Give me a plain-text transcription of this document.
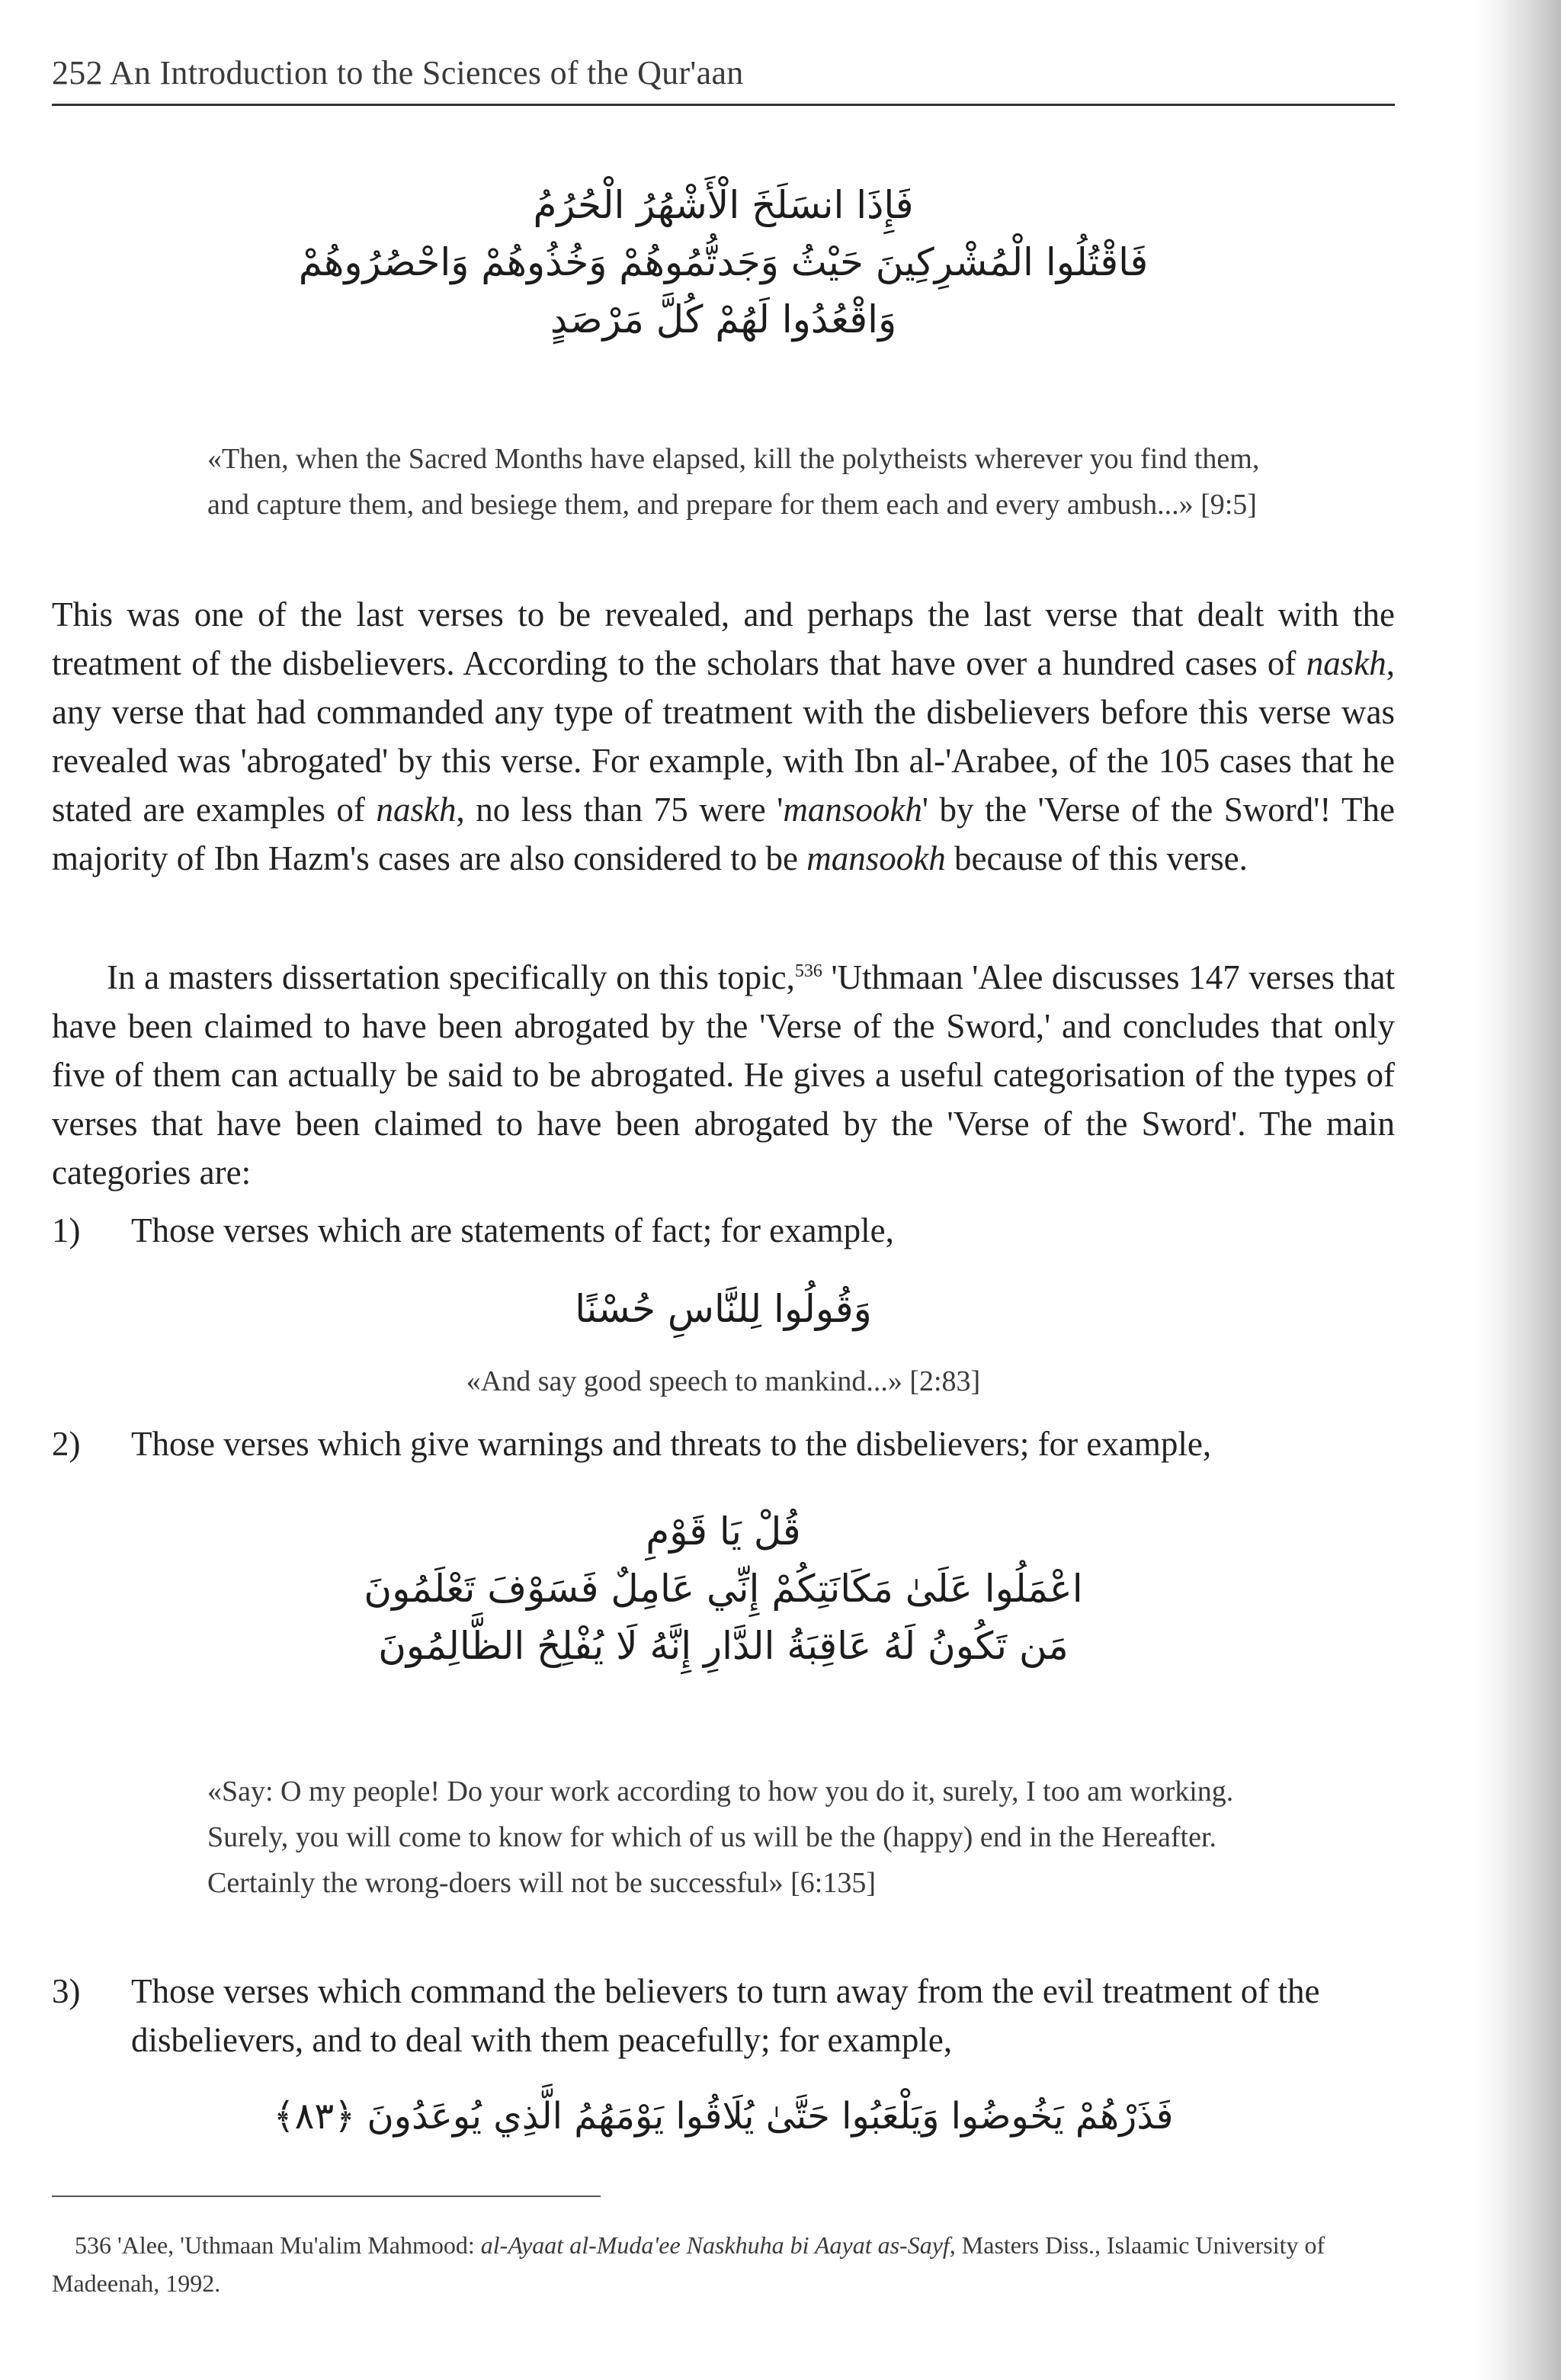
252 An Introduction to the Sciences of the Qur'aan
فَإِذَا انسَلَخَ الْأَشْهُرُ الْحُرُمُ
فَاقْتُلُوا الْمُشْرِكِينَ حَيْثُ وَجَدتُّمُوهُمْ وَخُذُوهُمْ وَاحْصُرُوهُمْ
وَاقْعُدُوا لَهُمْ كُلَّ مَرْصَدٍ
«Then, when the Sacred Months have elapsed, kill the polytheists wherever you find them, and capture them, and besiege them, and prepare for them each and every ambush...» [9:5]
This was one of the last verses to be revealed, and perhaps the last verse that dealt with the treatment of the disbelievers. According to the scholars that have over a hundred cases of naskh, any verse that had commanded any type of treatment with the disbelievers before this verse was revealed was 'abrogated' by this verse. For example, with Ibn al-'Arabee, of the 105 cases that he stated are examples of naskh, no less than 75 were 'mansookh' by the 'Verse of the Sword'! The majority of Ibn Hazm's cases are also considered to be mansookh because of this verse.
In a masters dissertation specifically on this topic,$^{536}$ 'Uthmaan 'Alee discusses 147 verses that have been claimed to have been abrogated by the 'Verse of the Sword,' and concludes that only five of them can actually be said to be abrogated. He gives a useful categorisation of the types of verses that have been claimed to have been abrogated by the 'Verse of the Sword'. The main categories are:
1) Those verses which are statements of fact; for example,
وَقُولُوا لِلنَّاسِ حُسْنًا
«And say good speech to mankind...» [2:83]
2) Those verses which give warnings and threats to the disbelievers; for example,
قُلْ يَا قَوْمِ
اعْمَلُوا عَلَىٰ مَكَانَتِكُمْ إِنِّي عَامِلٌ فَسَوْفَ تَعْلَمُونَ
مَن تَكُونُ لَهُ عَاقِبَةُ الدَّارِ إِنَّهُ لَا يُفْلِحُ الظَّالِمُونَ
«Say: O my people! Do your work according to how you do it, surely, I too am working. Surely, you will come to know for which of us will be the (happy) end in the Hereafter. Certainly the wrong-doers will not be successful» [6:135]
3) Those verses which command the believers to turn away from the evil treatment of the disbelievers, and to deal with them peacefully; for example,
فَذَرْهُمْ يَخُوضُوا وَيَلْعَبُوا حَتَّىٰ يُلَاقُوا يَوْمَهُمُ الَّذِي يُوعَدُونَ ﴿٨٣﴾
536 'Alee, 'Uthmaan Mu'alim Mahmood: al-Ayaat al-Muda'ee Naskhuha bi Aayat as-Sayf, Masters Diss., Islaamic University of Madeenah, 1992.
